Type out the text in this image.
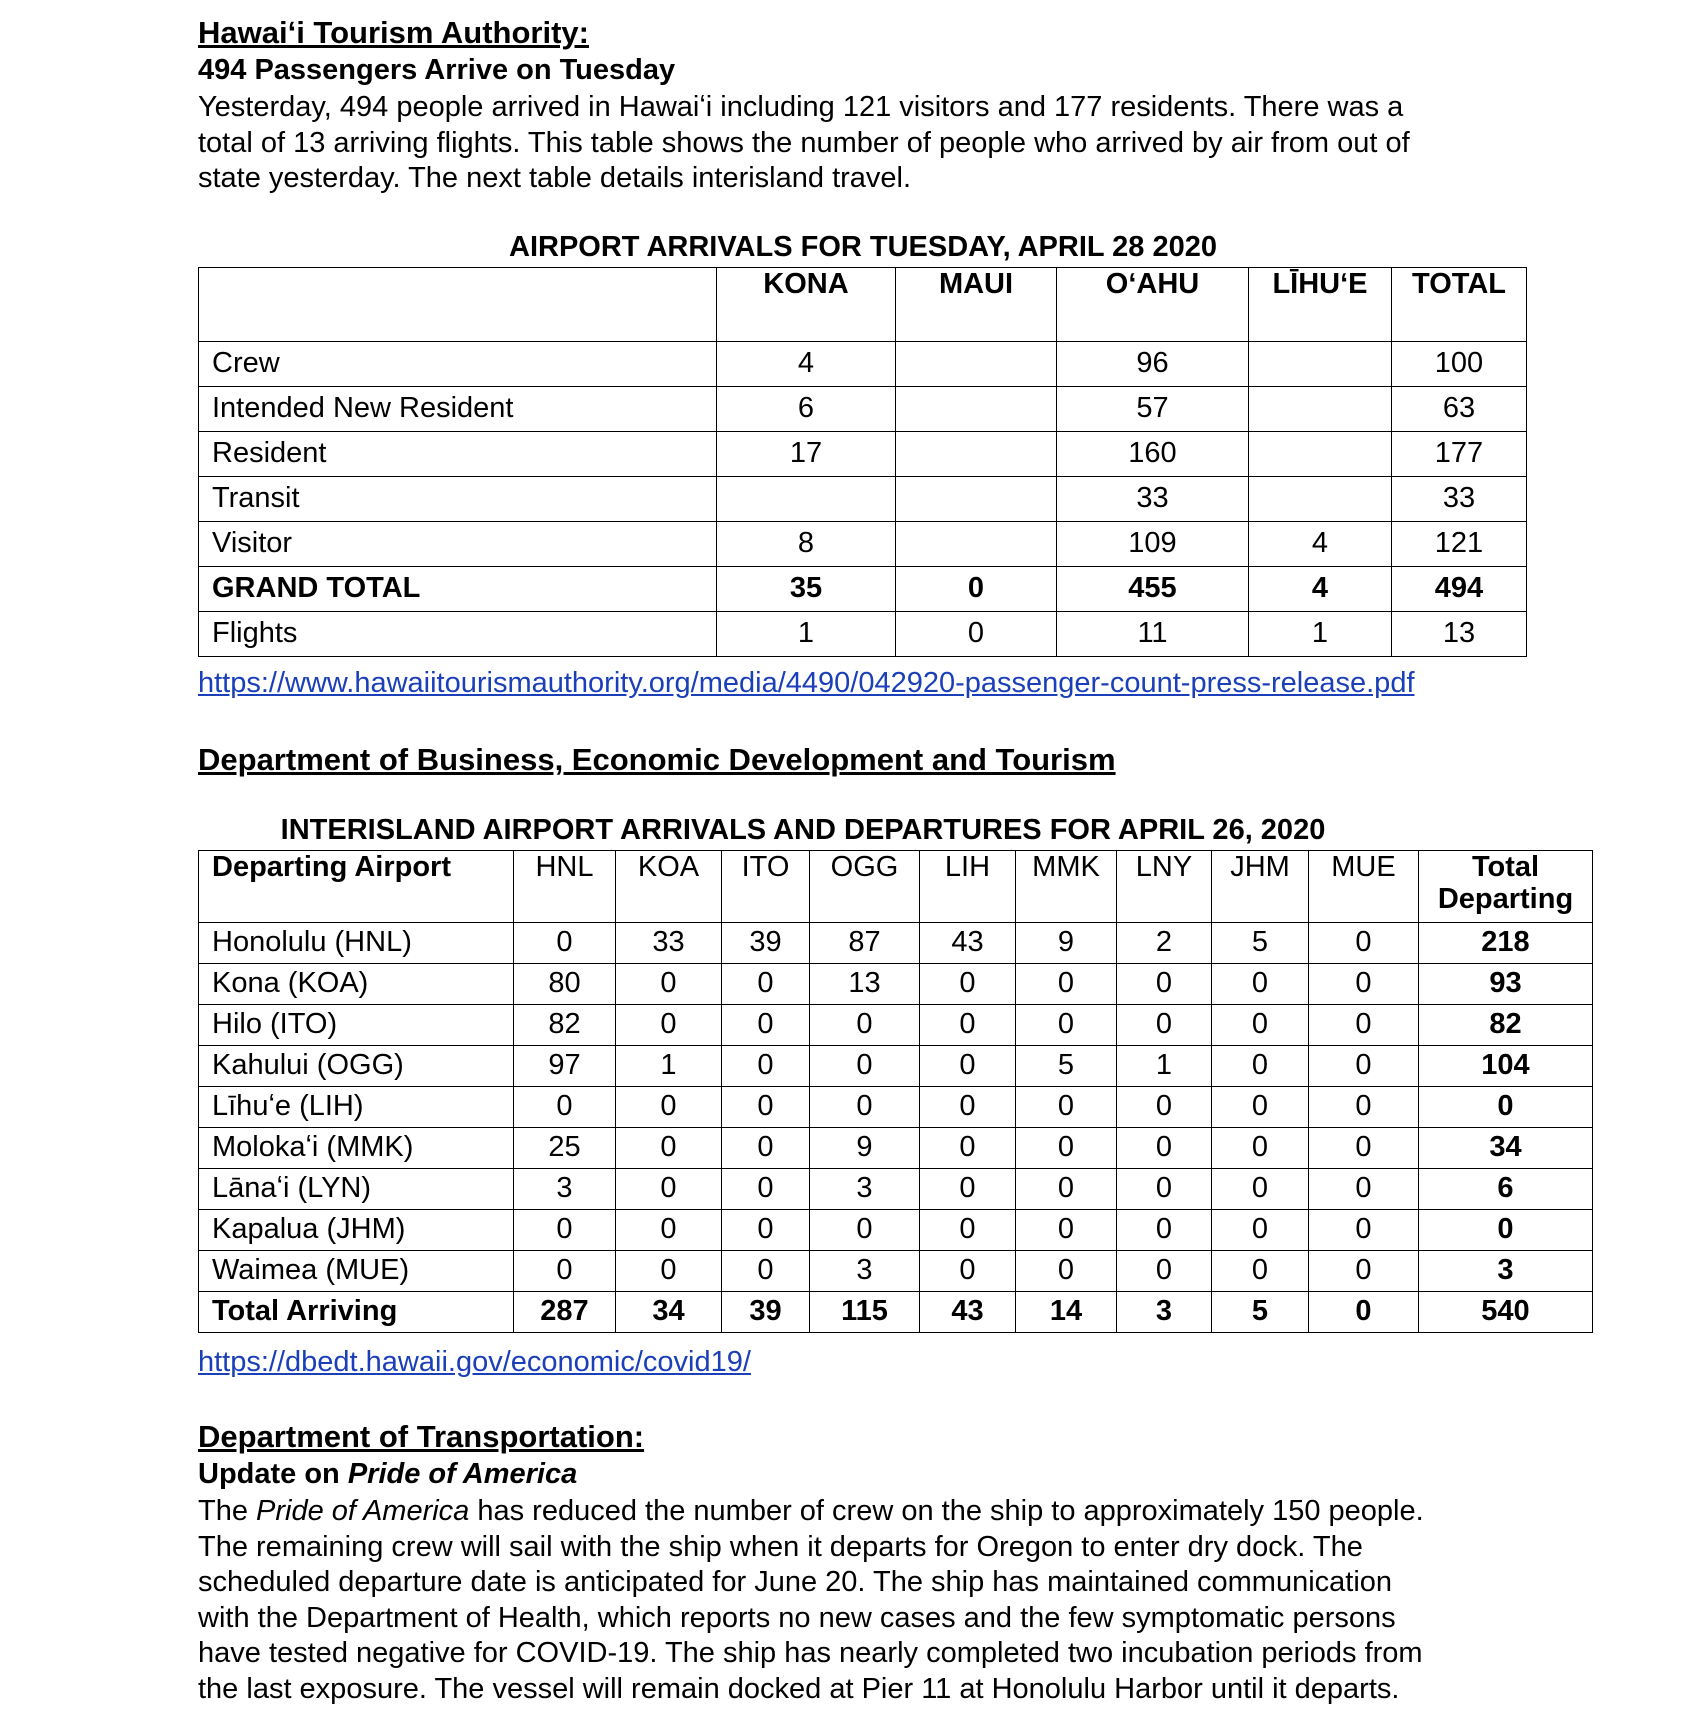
Hawaiʻi Tourism Authority:
494 Passengers Arrive on Tuesday
Yesterday, 494 people arrived in Hawaiʻi including 121 visitors and 177 residents. There was a
total of 13 arriving flights. This table shows the number of people who arrived by air from out of
state yesterday. The next table details interisland travel.
AIRPORT ARRIVALS FOR TUESDAY, APRIL 28 2020
	KONA	MAUI	OʻAHU	LĪHUʻE	TOTAL
Crew	4		96		100
Intended New Resident	6		57		63
Resident	17		160		177
Transit			33		33
Visitor	8		109	4	121
GRAND TOTAL	35	0	455	4	494
Flights	1	0	11	1	13
https://www.hawaiitourismauthority.org/media/4490/042920-passenger-count-press-release.pdf
Department of Business, Economic Development and Tourism
INTERISLAND AIRPORT ARRIVALS AND DEPARTURES FOR APRIL 26, 2020
Departing Airport	HNL	KOA	ITO	OGG	LIH	MMK	LNY	JHM	MUE	Total Departing
Honolulu (HNL)	0	33	39	87	43	9	2	5	0	218
Kona (KOA)	80	0	0	13	0	0	0	0	0	93
Hilo (ITO)	82	0	0	0	0	0	0	0	0	82
Kahului (OGG)	97	1	0	0	0	5	1	0	0	104
Līhuʻe (LIH)	0	0	0	0	0	0	0	0	0	0
Molokaʻi (MMK)	25	0	0	9	0	0	0	0	0	34
Lānaʻi (LYN)	3	0	0	3	0	0	0	0	0	6
Kapalua (JHM)	0	0	0	0	0	0	0	0	0	0
Waimea (MUE)	0	0	0	3	0	0	0	0	0	3
Total Arriving	287	34	39	115	43	14	3	5	0	540
https://dbedt.hawaii.gov/economic/covid19/
Department of Transportation:
Update on Pride of America
The Pride of America has reduced the number of crew on the ship to approximately 150 people.
The remaining crew will sail with the ship when it departs for Oregon to enter dry dock. The
scheduled departure date is anticipated for June 20. The ship has maintained communication
with the Department of Health, which reports no new cases and the few symptomatic persons
have tested negative for COVID-19. The ship has nearly completed two incubation periods from
the last exposure. The vessel will remain docked at Pier 11 at Honolulu Harbor until it departs.
